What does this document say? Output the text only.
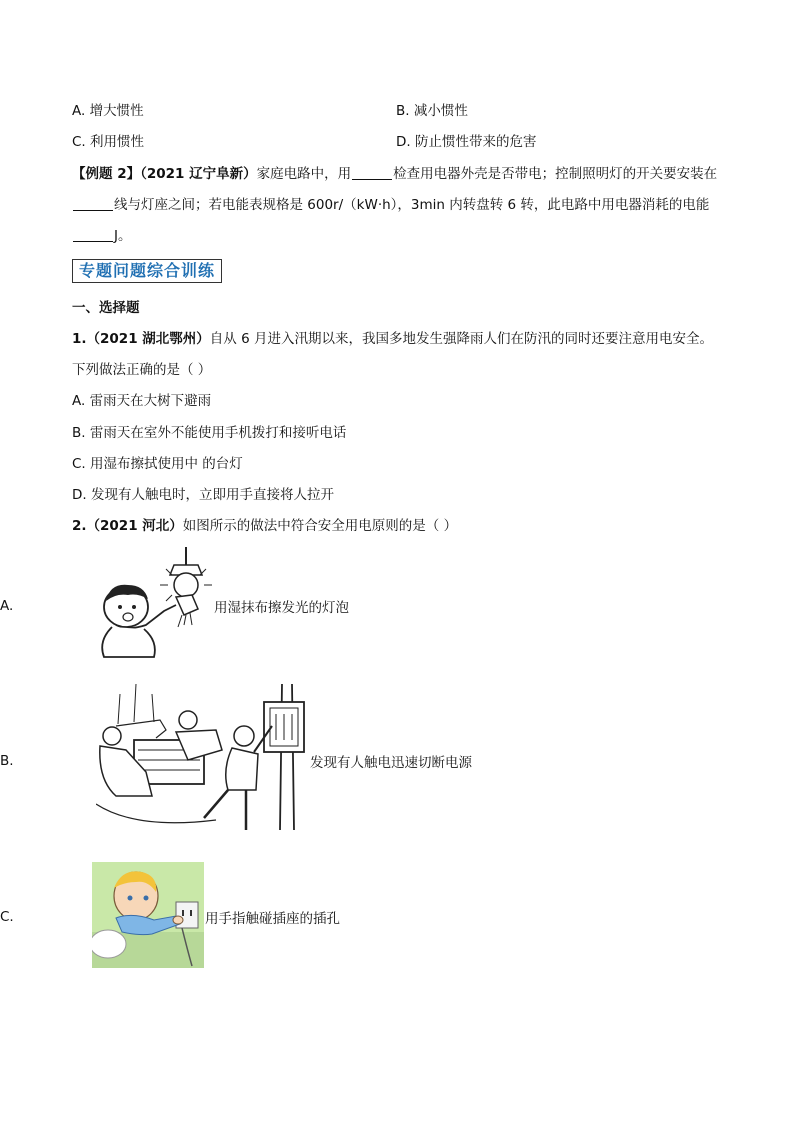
A. 增大惯性	B. 减小惯性
C. 利用惯性	D. 防止惯性带来的危害
【例题 2】（2021 辽宁阜新）家庭电路中，用	检查用电器外壳是否带电；控制照明灯的开关要安装在
线与灯座之间；若电能表规格是 600r/（kW·h），3min 内转盘转 6 转，此电路中用电器消耗的电能
J。
专题问题综合训练
一、选择题
1.（2021 湖北鄂州）自从 6 月进入汛期以来，我国多地发生强降雨人们在防汛的同时还要注意用电安全。
下列做法正确的是（ ）
A. 雷雨天在大树下避雨
B. 雷雨天在室外不能使用手机拨打和接听电话
C. 用湿布擦拭使用中 的台灯
D. 发现有人触电时，立即用手直接将人拉开
2.（2021 河北）如图所示的做法中符合安全用电原则的是（ ）
A.	用湿抹布擦发光的灯泡
B.	发现有人触电迅速切断电源
C.	用手指触碰插座的插孔
